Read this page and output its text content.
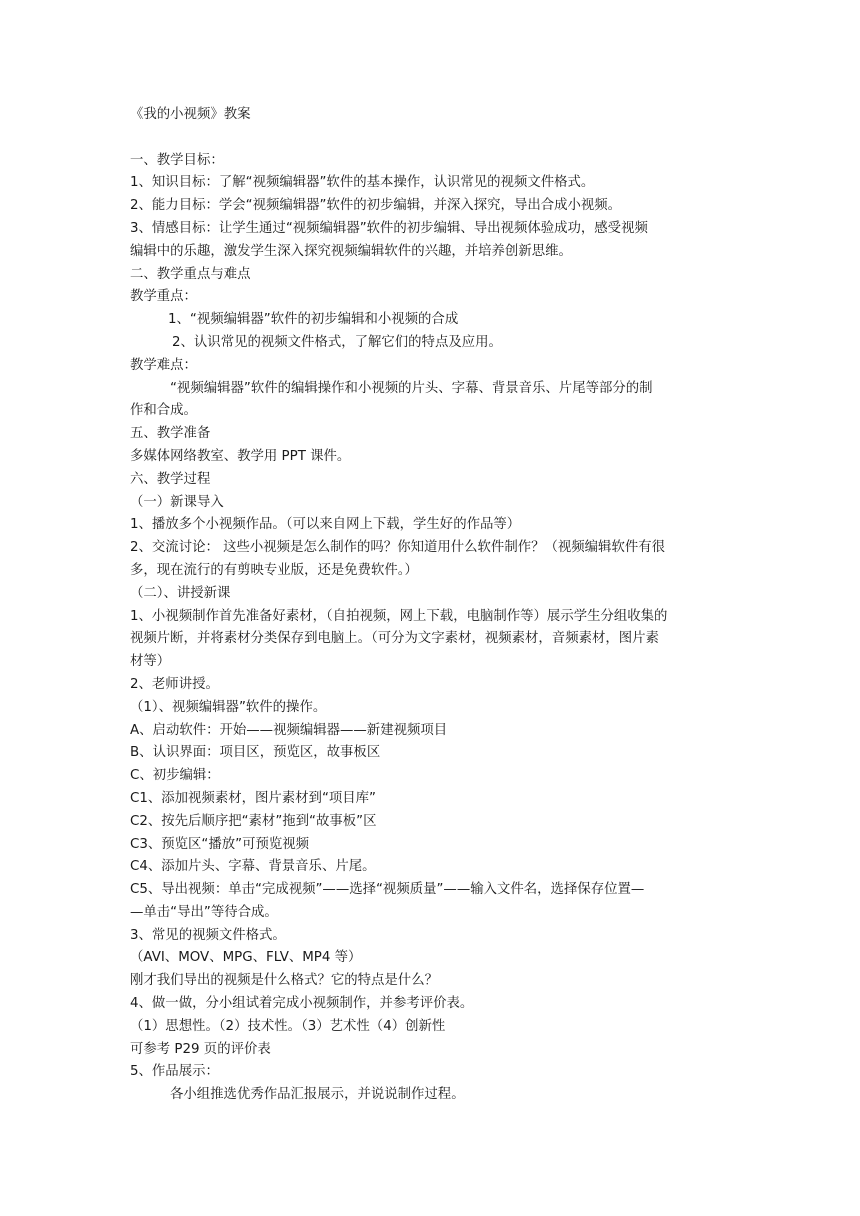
《我的小视频》教案
一、教学目标：
1、知识目标：了解“视频编辑器”软件的基本操作，认识常见的视频文件格式。
2、能力目标：学会“视频编辑器”软件的初步编辑，并深入探究，导出合成小视频。
3、情感目标：让学生通过“视频编辑器”软件的初步编辑、导出视频体验成功，感受视频
编辑中的乐趣，激发学生深入探究视频编辑软件的兴趣，并培养创新思维。
二、教学重点与难点
教学重点：
1、“视频编辑器”软件的初步编辑和小视频的合成
2、认识常见的视频文件格式，了解它们的特点及应用。
教学难点：
“视频编辑器”软件的编辑操作和小视频的片头、字幕、背景音乐、片尾等部分的制
作和合成。
五、教学准备
多媒体网络教室、教学用 PPT 课件。
六、教学过程
（一）新课导入
1、播放多个小视频作品。（可以来自网上下载，学生好的作品等）
2、交流讨论： 这些小视频是怎么制作的吗？你知道用什么软件制作？（视频编辑软件有很
多，现在流行的有剪映专业版，还是免费软件。）
（二）、讲授新课
1、小视频制作首先准备好素材，（自拍视频，网上下载，电脑制作等）展示学生分组收集的
视频片断，并将素材分类保存到电脑上。（可分为文字素材，视频素材，音频素材，图片素
材等）
2、老师讲授。
（1）、视频编辑器”软件的操作。
A、启动软件：开始——视频编辑器——新建视频项目
B、认识界面：项目区，预览区，故事板区
C、初步编辑：
C1、添加视频素材，图片素材到“项目库”
C2、按先后顺序把“素材”拖到“故事板”区
C3、预览区“播放”可预览视频
C4、添加片头、字幕、背景音乐、片尾。
C5、导出视频：单击“完成视频”——选择“视频质量”——输入文件名，选择保存位置—
—单击“导出”等待合成。
3、常见的视频文件格式。
（AVI、MOV、MPG、FLV、MP4 等）
刚才我们导出的视频是什么格式？它的特点是什么？
4、做一做，分小组试着完成小视频制作，并参考评价表。
（1）思想性。（2）技术性。（3）艺术性（4）创新性
可参考 P29 页的评价表
5、作品展示：
各小组推选优秀作品汇报展示，并说说制作过程。
